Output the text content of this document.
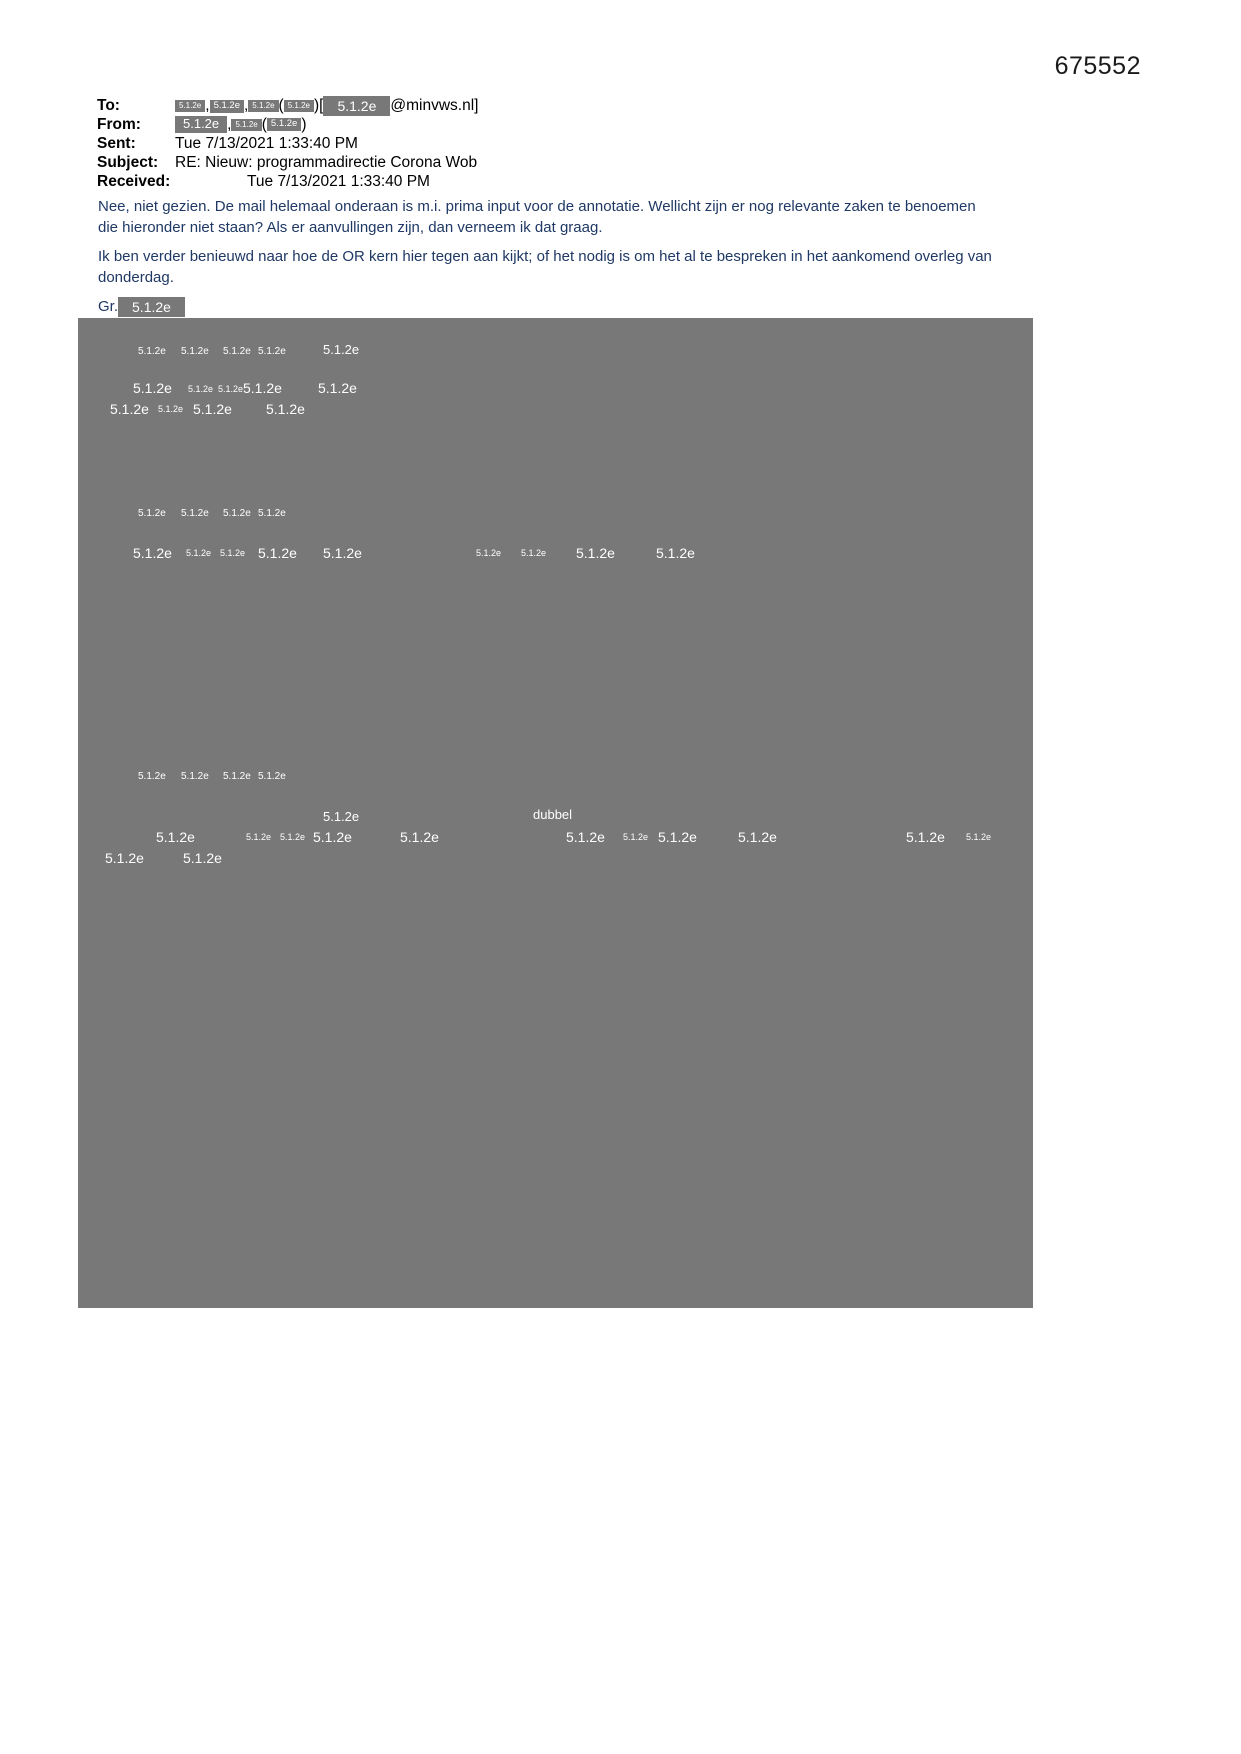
675552
To:	5.1.2e , 5.1.2e , 5.1.2e ( 5.1.2e )[ 5.1.2e @minvws.nl]
From:	5.1.2e , 5.1.2e ( 5.1.2e )
Sent:	Tue 7/13/2021 1:33:40 PM
Subject: RE: Nieuw: programmadirectie Corona Wob
Received:	Tue 7/13/2021 1:33:40 PM
Nee, niet gezien. De mail helemaal onderaan is m.i. prima input voor de annotatie. Wellicht zijn er nog relevante zaken te benoemen die hieronder niet staan? Als er aanvullingen zijn, dan verneem ik dat graag.
Ik ben verder benieuwd naar hoe de OR kern hier tegen aan kijkt; of het nodig is om het al te bespreken in het aankomend overleg van donderdag.
Gr. 5.1.2e
5.1.2e 5.1.2e 5.1.2e 5.1.2e	5.1.2e
5.1.2e 5.1.2e 5.1.2e 5.1.2e	5.1.2e
5.1.2e 5.1.2e 5.1.2e 5.1.2e
5.1.2e 5.1.2e 5.1.2e 5.1.2e
5.1.2e 5.1.2e 5.1.2e 5.1.2e 5.1.2e	5.1.2e 5.1.2e 5.1.2e	5.1.2e
5.1.2e 5.1.2e 5.1.2e 5.1.2e
5.1.2e	dubbel
5.1.2e	5.1.2e 5.1.2e 5.1.2e	5.1.2e	5.1.2e 5.1.2e 5.1.2e	5.1.2e	5.1.2e 5.1.2e
5.1.2e	5.1.2e
